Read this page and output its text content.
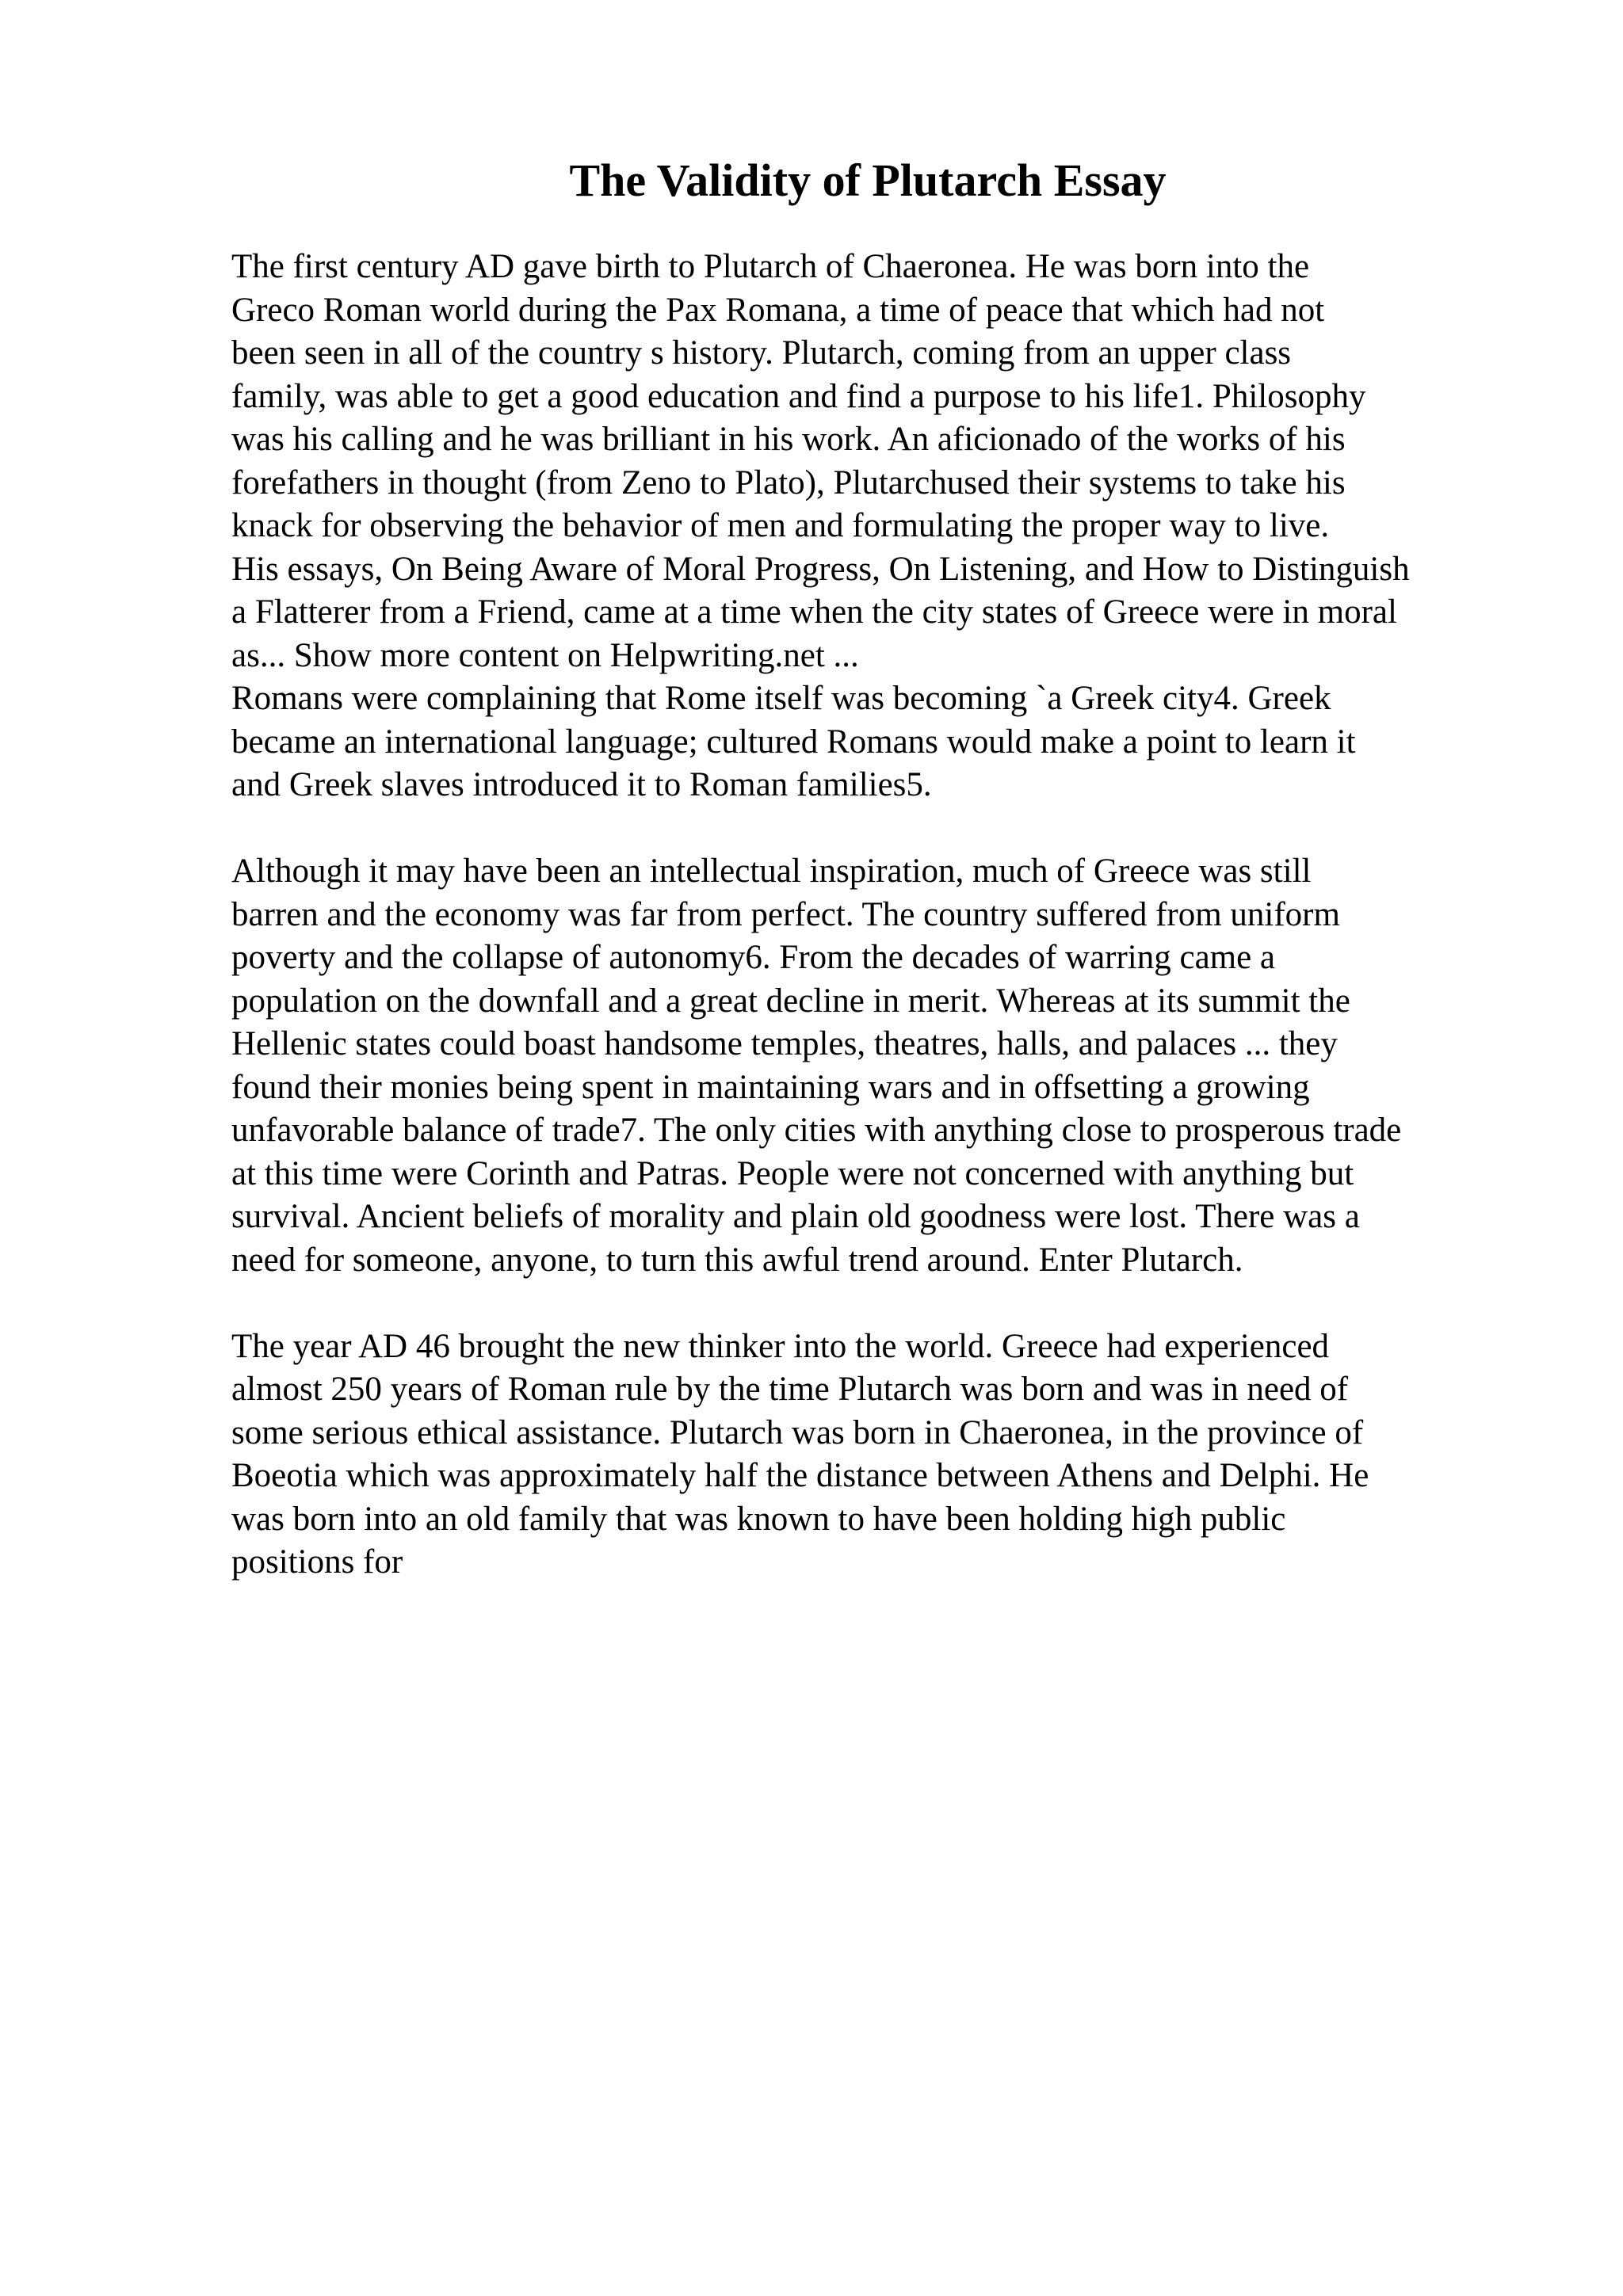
The Validity of Plutarch Essay
The first century AD gave birth to Plutarch of Chaeronea. He was born into the
Greco Roman world during the Pax Romana, a time of peace that which had not
been seen in all of the country s history. Plutarch, coming from an upper class
family, was able to get a good education and find a purpose to his life1. Philosophy
was his calling and he was brilliant in his work. An aficionado of the works of his
forefathers in thought (from Zeno to Plato), Plutarchused their systems to take his
knack for observing the behavior of men and formulating the proper way to live.
His essays, On Being Aware of Moral Progress, On Listening, and How to Distinguish
a Flatterer from a Friend, came at a time when the city states of Greece were in moral
as... Show more content on Helpwriting.net ...
Romans were complaining that Rome itself was becoming `a Greek city4. Greek
became an international language; cultured Romans would make a point to learn it
and Greek slaves introduced it to Roman families5.
Although it may have been an intellectual inspiration, much of Greece was still
barren and the economy was far from perfect. The country suffered from uniform
poverty and the collapse of autonomy6. From the decades of warring came a
population on the downfall and a great decline in merit. Whereas at its summit the
Hellenic states could boast handsome temples, theatres, halls, and palaces ... they
found their monies being spent in maintaining wars and in offsetting a growing
unfavorable balance of trade7. The only cities with anything close to prosperous trade
at this time were Corinth and Patras. People were not concerned with anything but
survival. Ancient beliefs of morality and plain old goodness were lost. There was a
need for someone, anyone, to turn this awful trend around. Enter Plutarch.
The year AD 46 brought the new thinker into the world. Greece had experienced
almost 250 years of Roman rule by the time Plutarch was born and was in need of
some serious ethical assistance. Plutarch was born in Chaeronea, in the province of
Boeotia which was approximately half the distance between Athens and Delphi. He
was born into an old family that was known to have been holding high public
positions for
